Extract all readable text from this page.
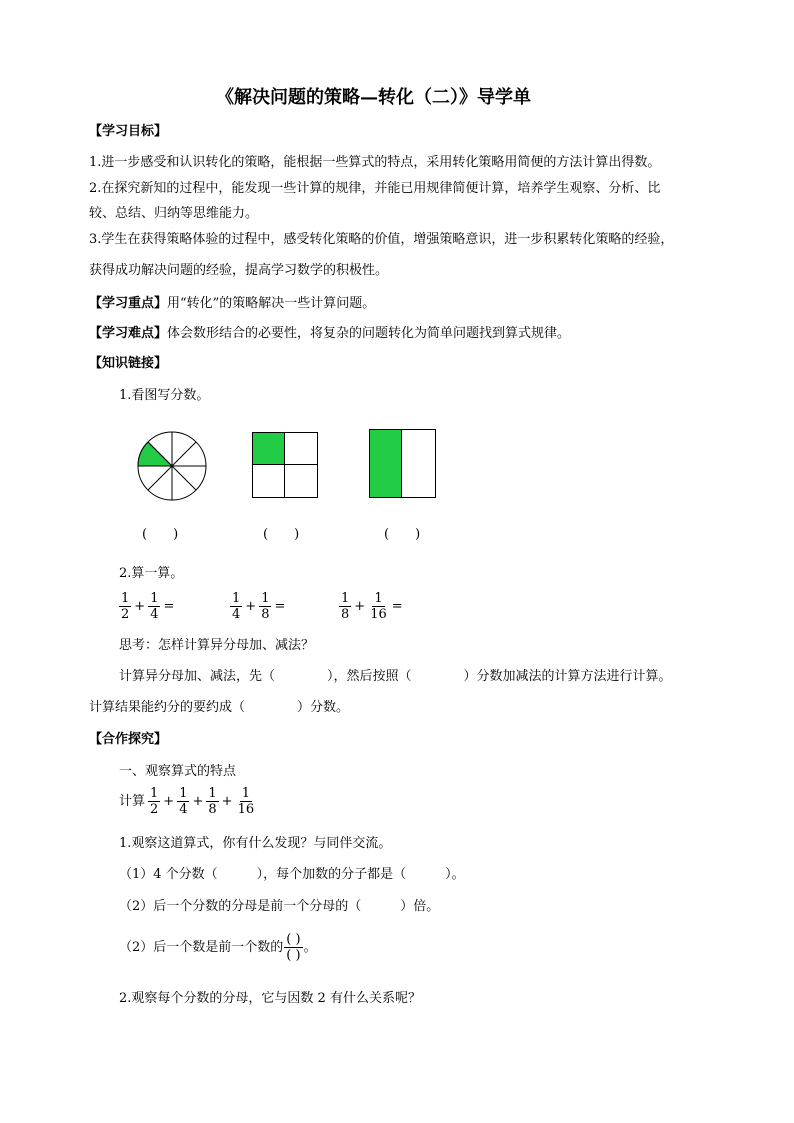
《解决问题的策略—转化（二）》导学单
【学习目标】
1.进一步感受和认识转化的策略，能根据一些算式的特点，采用转化策略用简便的方法计算出得数。
2.在探究新知的过程中，能发现一些计算的规律，并能已用规律简便计算，培养学生观察、分析、比
较、总结、归纳等思维能力。
3.学生在获得策略体验的过程中，感受转化策略的价值，增强策略意识，进一步积累转化策略的经验，
获得成功解决问题的经验，提高学习数学的积极性。
【学习重点】用“转化”的策略解决一些计算问题。
【学习难点】体会数形结合的必要性，将复杂的问题转化为简单问题找到算式规律。
【知识链接】
1.看图写分数。
(　　)	(　　)	(　　)
2.算一算。
$\frac{1}{2} + \frac{1}{4}$ =	$\frac{1}{4} + \frac{1}{8}$ =	$\frac{1}{8} + \frac{1}{16}$ =
思考：怎样计算异分母加、减法？
计算异分母加、减法，先（　　　　），然后按照（　　　　）分数加减法的计算方法进行计算。
计算结果能约分的要约成（　　　　）分数。
【合作探究】
一、观察算式的特点
计算 $\frac{1}{2} + \frac{1}{4} + \frac{1}{8} + \frac{1}{16}$
1.观察这道算式，你有什么发现？与同伴交流。
（1）4 个分数（　　　），每个加数的分子都是（　　　）。
（2）后一个分数的分母是前一个分母的（　　　）倍。
（2）后一个数是前一个数的 $\frac{( )}{( )}$ 。
2.观察每个分数的分母，它与因数 2 有什么关系呢？
